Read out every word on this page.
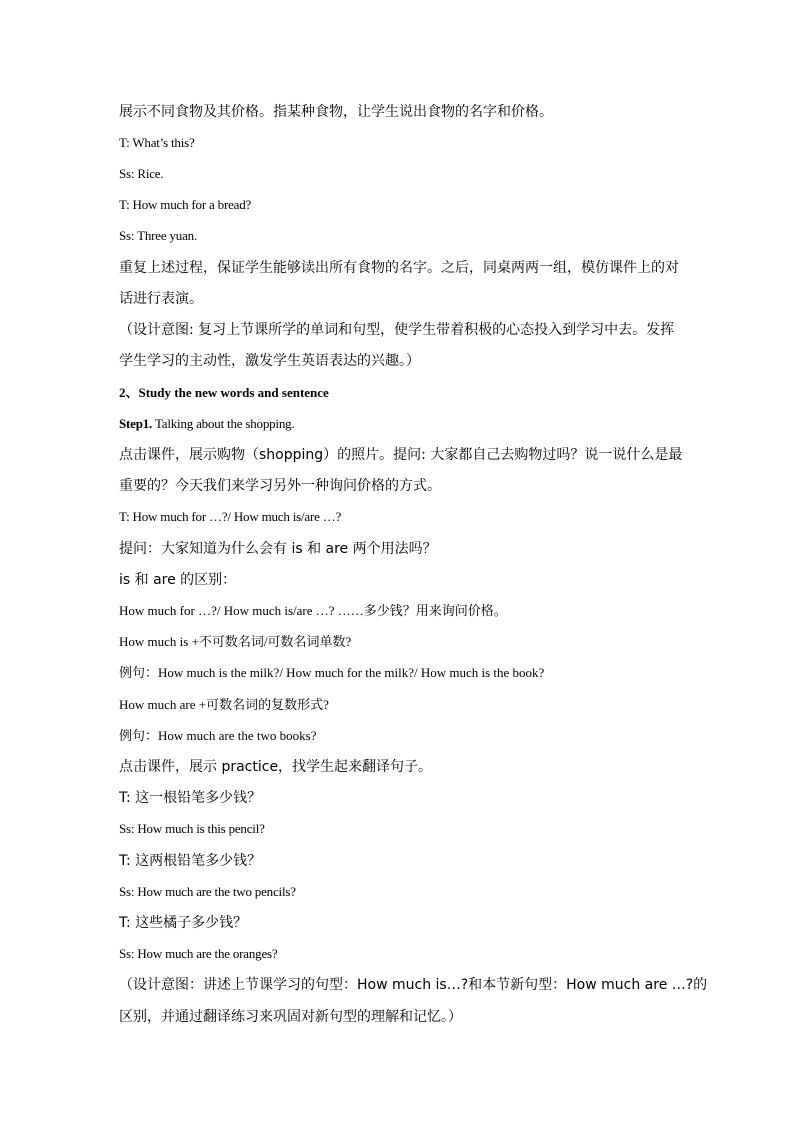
展示不同食物及其价格。指某种食物，让学生说出食物的名字和价格。
T: What’s this?
Ss: Rice.
T: How much for a bread?
Ss: Three yuan.
重复上述过程，保证学生能够读出所有食物的名字。之后，同桌两两一组，模仿课件上的对
话进行表演。
（设计意图: 复习上节课所学的单词和句型，使学生带着积极的心态投入到学习中去。发挥
学生学习的主动性，激发学生英语表达的兴趣。）
2、Study the new words and sentence
Step1. Talking about the shopping.
点击课件，展示购物（shopping）的照片。提问: 大家都自己去购物过吗？说一说什么是最
重要的？今天我们来学习另外一种询问价格的方式。
T: How much for …?/ How much is/are …?
提问：大家知道为什么会有 is 和 are 两个用法吗？
is 和 are 的区别：
How much for …?/ How much is/are …? ……多少钱？用来询问价格。
How much is +不可数名词/可数名词单数?
例句：How much is the milk?/ How much for the milk?/ How much is the book?
How much are +可数名词的复数形式?
例句：How much are the two books?
点击课件，展示 practice，找学生起来翻译句子。
T: 这一根铅笔多少钱？
Ss: How much is this pencil?
T: 这两根铅笔多少钱？
Ss: How much are the two pencils?
T: 这些橘子多少钱？
Ss: How much are the oranges?
（设计意图：讲述上节课学习的句型：How much is…?和本节新句型：How much are …?的
区别，并通过翻译练习来巩固对新句型的理解和记忆。）
